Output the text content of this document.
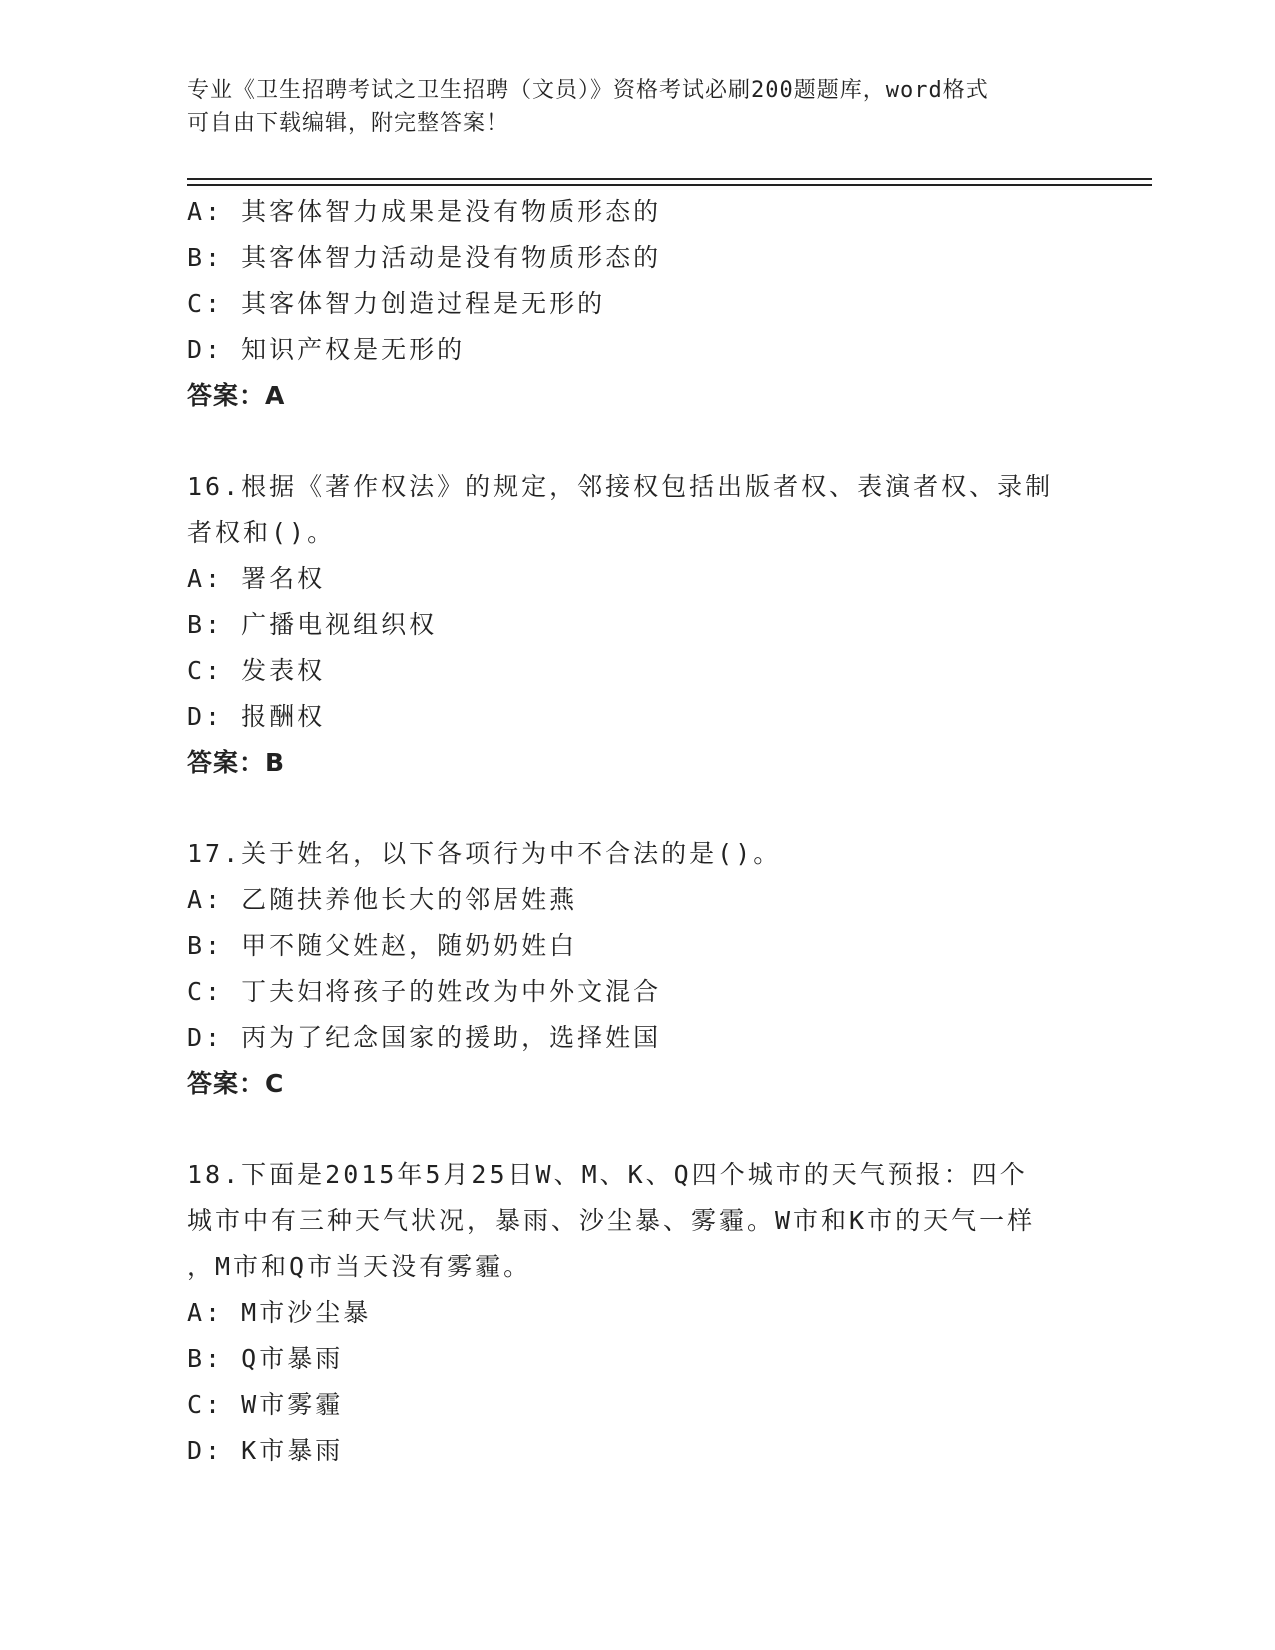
专业《卫生招聘考试之卫生招聘（文员）》资格考试必刷200题题库，word格式
可自由下载编辑，附完整答案！
A: 其客体智力成果是没有物质形态的
B: 其客体智力活动是没有物质形态的
C: 其客体智力创造过程是无形的
D: 知识产权是无形的
答案：A
16.根据《著作权法》的规定，邻接权包括出版者权、表演者权、录制
者权和()。
A: 署名权
B: 广播电视组织权
C: 发表权
D: 报酬权
答案：B
17.关于姓名，以下各项行为中不合法的是()。
A: 乙随扶养他长大的邻居姓燕
B: 甲不随父姓赵，随奶奶姓白
C: 丁夫妇将孩子的姓改为中外文混合
D: 丙为了纪念国家的援助，选择姓国
答案：C
18.下面是2015年5月25日W、M、K、Q四个城市的天气预报：四个
城市中有三种天气状况，暴雨、沙尘暴、雾霾。W市和K市的天气一样
，M市和Q市当天没有雾霾。
A: M市沙尘暴
B: Q市暴雨
C: W市雾霾
D: K市暴雨
